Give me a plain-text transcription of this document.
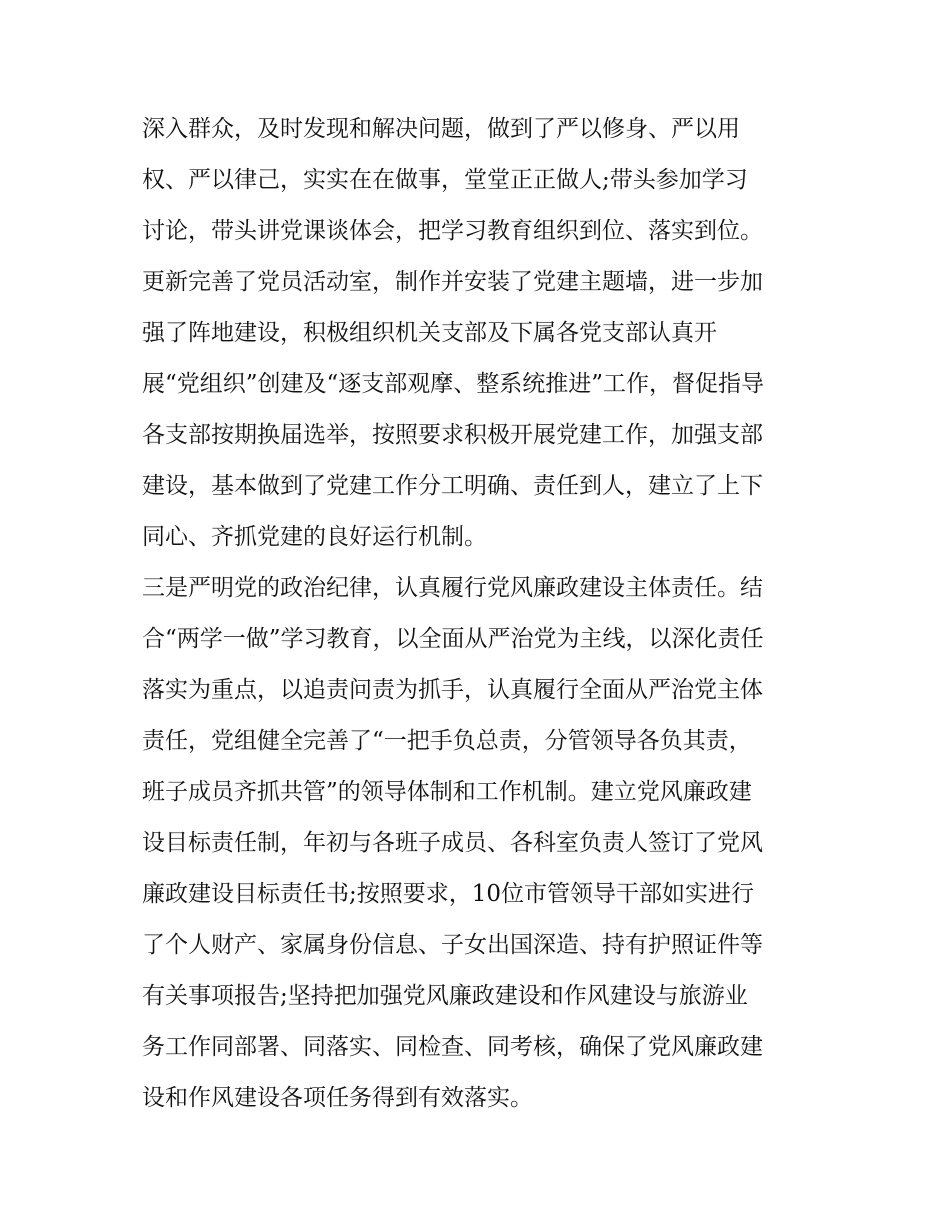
深入群众，及时发现和解决问题，做到了严以修身、严以用
权、严以律己，实实在在做事，堂堂正正做人;带头参加学习
讨论，带头讲党课谈体会，把学习教育组织到位、落实到位。
更新完善了党员活动室，制作并安装了党建主题墙，进一步加
强了阵地建设，积极组织机关支部及下属各党支部认真开
展“党组织”创建及“逐支部观摩、整系统推进”工作，督促指导
各支部按期换届选举，按照要求积极开展党建工作，加强支部
建设，基本做到了党建工作分工明确、责任到人，建立了上下
同心、齐抓党建的良好运行机制。
三是严明党的政治纪律，认真履行党风廉政建设主体责任。结
合“两学一做”学习教育，以全面从严治党为主线，以深化责任
落实为重点，以追责问责为抓手，认真履行全面从严治党主体
责任，党组健全完善了“一把手负总责，分管领导各负其责，
班子成员齐抓共管”的领导体制和工作机制。建立党风廉政建
设目标责任制，年初与各班子成员、各科室负责人签订了党风
廉政建设目标责任书;按照要求，10位市管领导干部如实进行
了个人财产、家属身份信息、子女出国深造、持有护照证件等
有关事项报告;坚持把加强党风廉政建设和作风建设与旅游业
务工作同部署、同落实、同检查、同考核，确保了党风廉政建
设和作风建设各项任务得到有效落实。
